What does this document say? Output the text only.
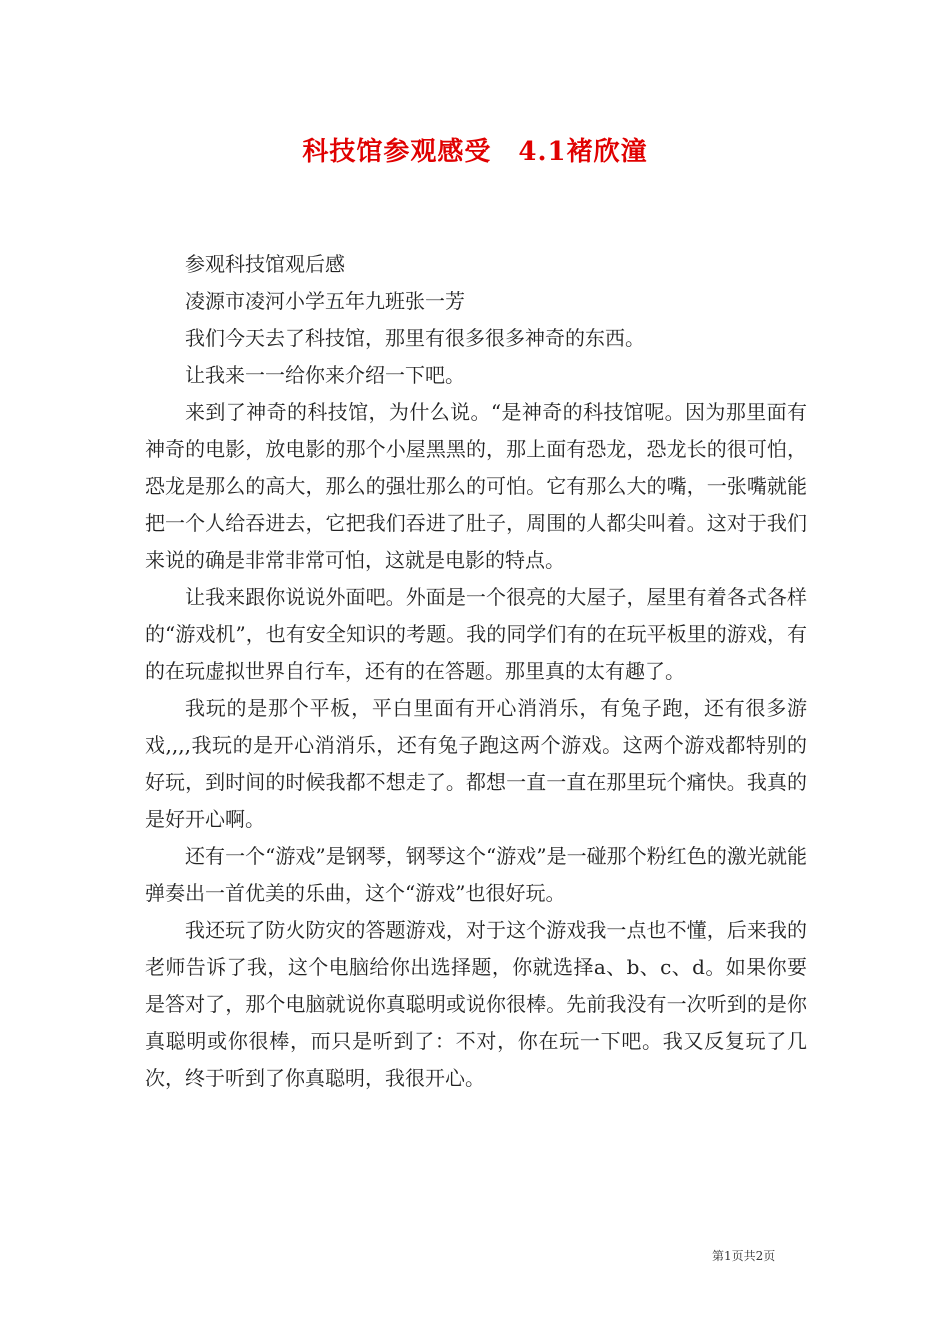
科技馆参观感受　4.1褚欣潼

参观科技馆观后感

凌源市凌河小学五年九班张一芳

我们今天去了科技馆，那里有很多很多神奇的东西。

让我来一一给你来介绍一下吧。

来到了神奇的科技馆，为什么说。“是神奇的科技馆呢。因为那里面有神奇的电影，放电影的那个小屋黑黑的，那上面有恐龙，恐龙长的很可怕，恐龙是那么的高大，那么的强壮那么的可怕。它有那么大的嘴，一张嘴就能把一个人给吞进去，它把我们吞进了肚子，周围的人都尖叫着。这对于我们来说的确是非常非常可怕，这就是电影的特点。

让我来跟你说说外面吧。外面是一个很亮的大屋子，屋里有着各式各样的“游戏机”，也有安全知识的考题。我的同学们有的在玩平板里的游戏，有的在玩虚拟世界自行车，还有的在答题。那里真的太有趣了。

我玩的是那个平板，平白里面有开心消消乐，有兔子跑，还有很多游戏,,,,我玩的是开心消消乐，还有兔子跑这两个游戏。这两个游戏都特别的好玩，到时间的时候我都不想走了。都想一直一直在那里玩个痛快。我真的是好开心啊。

还有一个“游戏”是钢琴，钢琴这个“游戏”是一碰那个粉红色的激光就能弹奏出一首优美的乐曲，这个“游戏”也很好玩。

我还玩了防火防灾的答题游戏，对于这个游戏我一点也不懂，后来我的老师告诉了我，这个电脑给你出选择题，你就选择a、b、c、d。如果你要是答对了，那个电脑就说你真聪明或说你很棒。先前我没有一次听到的是你真聪明或你很棒，而只是听到了：不对，你在玩一下吧。我又反复玩了几次，终于听到了你真聪明，我很开心。

第1页共2页
